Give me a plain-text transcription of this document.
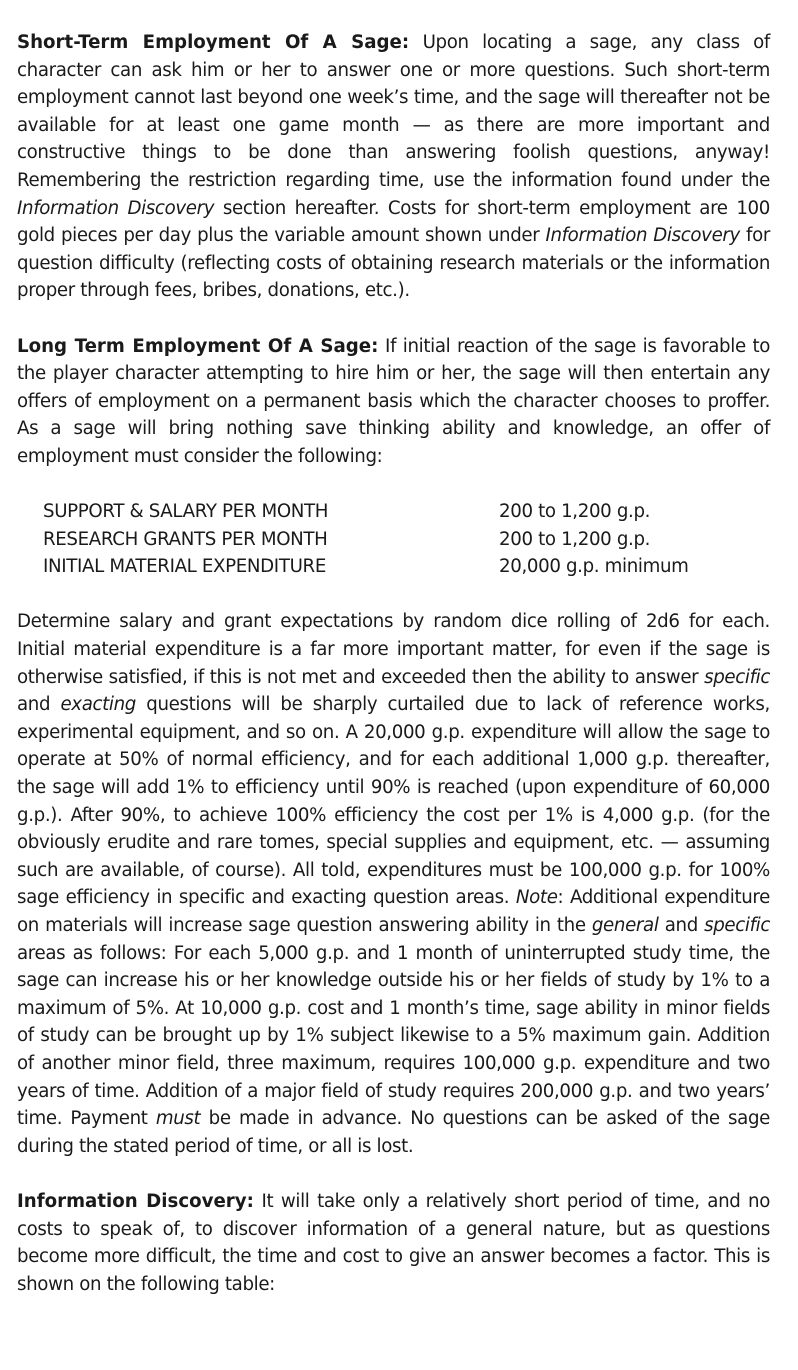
Short-Term Employment Of A Sage: Upon locating a sage, any class of character can ask him or her to answer one or more questions. Such short-term employment cannot last beyond one week’s time, and the sage will thereafter not be available for at least one game month — as there are more important and constructive things to be done than answering foolish questions, anyway! Remembering the restriction regarding time, use the information found under the Information Discovery section hereafter. Costs for short-term employment are 100 gold pieces per day plus the variable amount shown under Information Discovery for question difficulty (reflecting costs of obtaining research materials or the information proper through fees, bribes, donations, etc.).

Long Term Employment Of A Sage: If initial reaction of the sage is favorable to the player character attempting to hire him or her, the sage will then entertain any offers of employment on a permanent basis which the character chooses to proffer. As a sage will bring nothing save thinking ability and knowledge, an offer of employment must consider the following:

SUPPORT & SALARY PER MONTH	200 to 1,200 g.p.
RESEARCH GRANTS PER MONTH	200 to 1,200 g.p.
INITIAL MATERIAL EXPENDITURE	20,000 g.p. minimum

Determine salary and grant expectations by random dice rolling of 2d6 for each. Initial material expenditure is a far more important matter, for even if the sage is otherwise satisfied, if this is not met and exceeded then the ability to answer specific and exacting questions will be sharply curtailed due to lack of reference works, experimental equipment, and so on. A 20,000 g.p. expenditure will allow the sage to operate at 50% of normal efficiency, and for each additional 1,000 g.p. thereafter, the sage will add 1% to efficiency until 90% is reached (upon expenditure of 60,000 g.p.). After 90%, to achieve 100% efficiency the cost per 1% is 4,000 g.p. (for the obviously erudite and rare tomes, special supplies and equipment, etc. — assuming such are available, of course). All told, expenditures must be 100,000 g.p. for 100% sage efficiency in specific and exacting question areas. Note: Additional expenditure on materials will increase sage question answering ability in the general and specific areas as follows: For each 5,000 g.p. and 1 month of uninterrupted study time, the sage can increase his or her knowledge outside his or her fields of study by 1% to a maximum of 5%. At 10,000 g.p. cost and 1 month’s time, sage ability in minor fields of study can be brought up by 1% subject likewise to a 5% maximum gain. Addition of another minor field, three maximum, requires 100,000 g.p. expenditure and two years of time. Addition of a major field of study requires 200,000 g.p. and two years’ time. Payment must be made in advance. No questions can be asked of the sage during the stated period of time, or all is lost.

Information Discovery: It will take only a relatively short period of time, and no costs to speak of, to discover information of a general nature, but as questions become more difficult, the time and cost to give an answer becomes a factor. This is shown on the following table:
